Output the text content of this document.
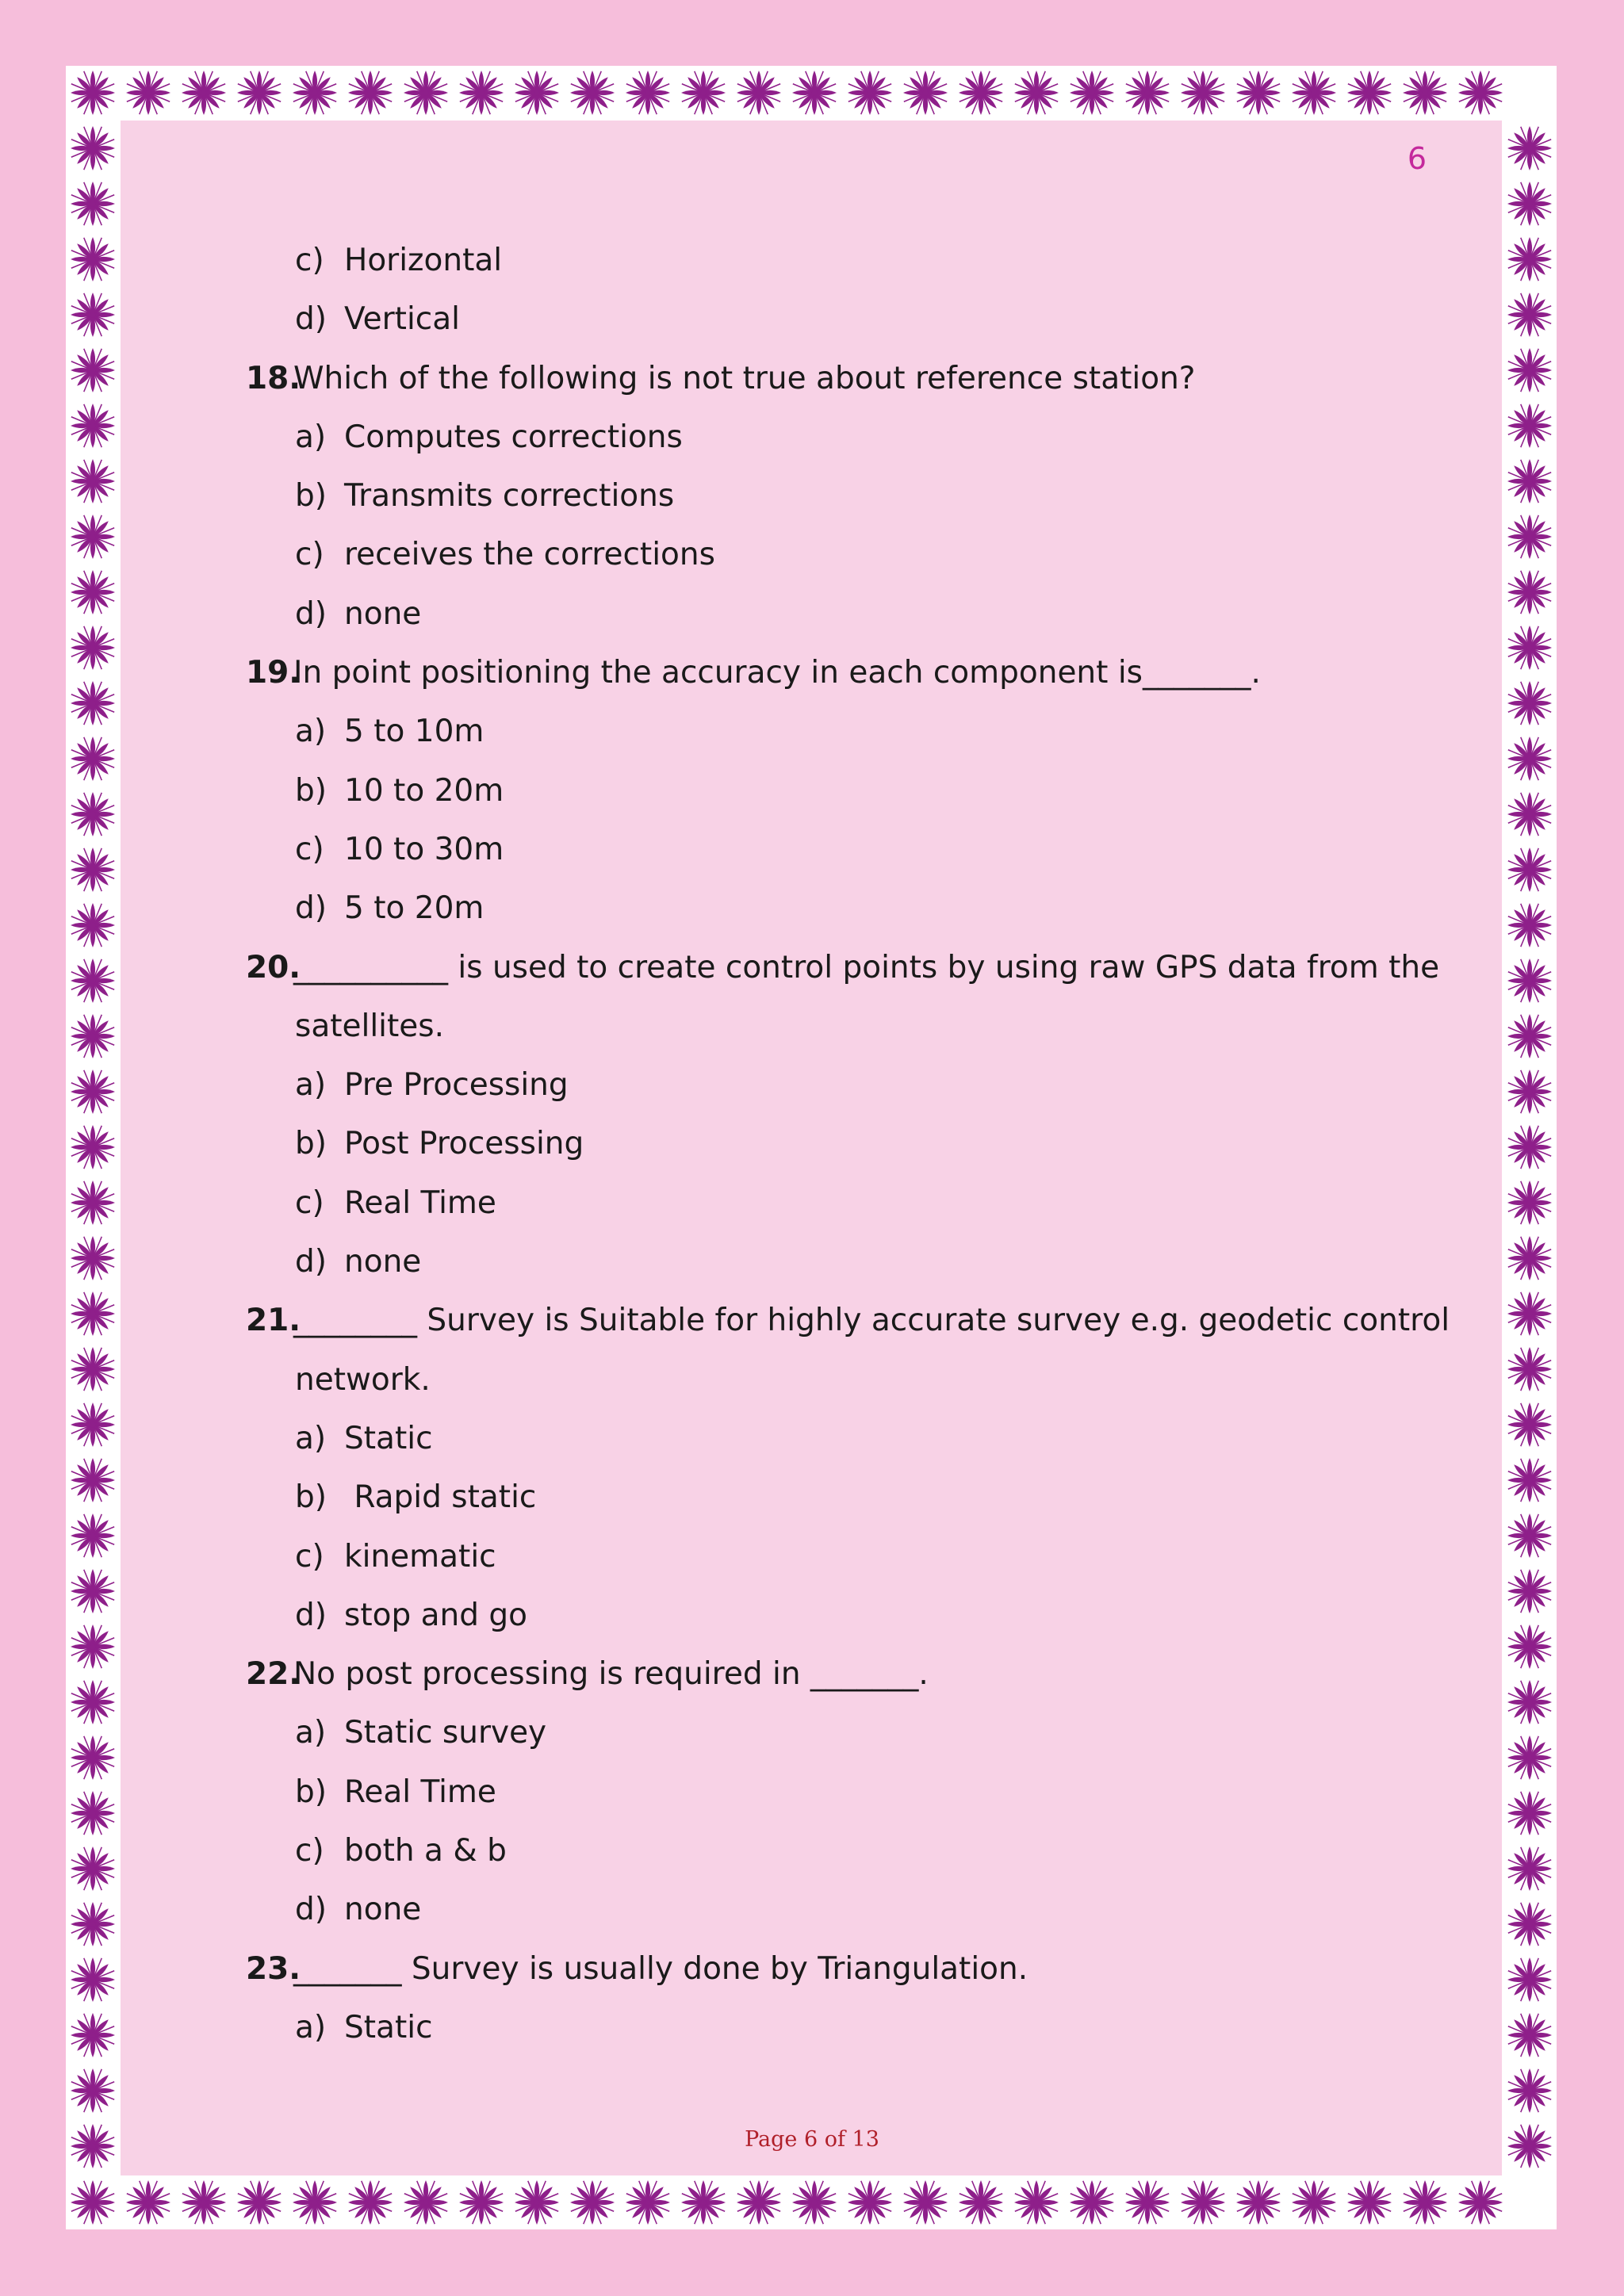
6
c) Horizontal
d) Vertical
18.Which of the following is not true about reference station?
a) Computes corrections
b) Transmits corrections
c) receives the corrections
d) none
19.In point positioning the accuracy in each component is_______.
a) 5 to 10m
b) 10 to 20m
c) 10 to 30m
d) 5 to 20m
20.
__________ is used to create control points by using raw GPS data from the
satellites.
a) Pre Processing
b) Post Processing
c) Real Time
d) none
21.
________ Survey is Suitable for highly accurate survey e.g. geodetic control
network.
a) Static
b) Rapid static
c) kinematic
d) stop and go
22.No post processing is required in _______.
a) Static survey
b) Real Time
c) both a & b
d) none
23._______ Survey is usually done by Triangulation.
a) Static
Page 6 of 13
